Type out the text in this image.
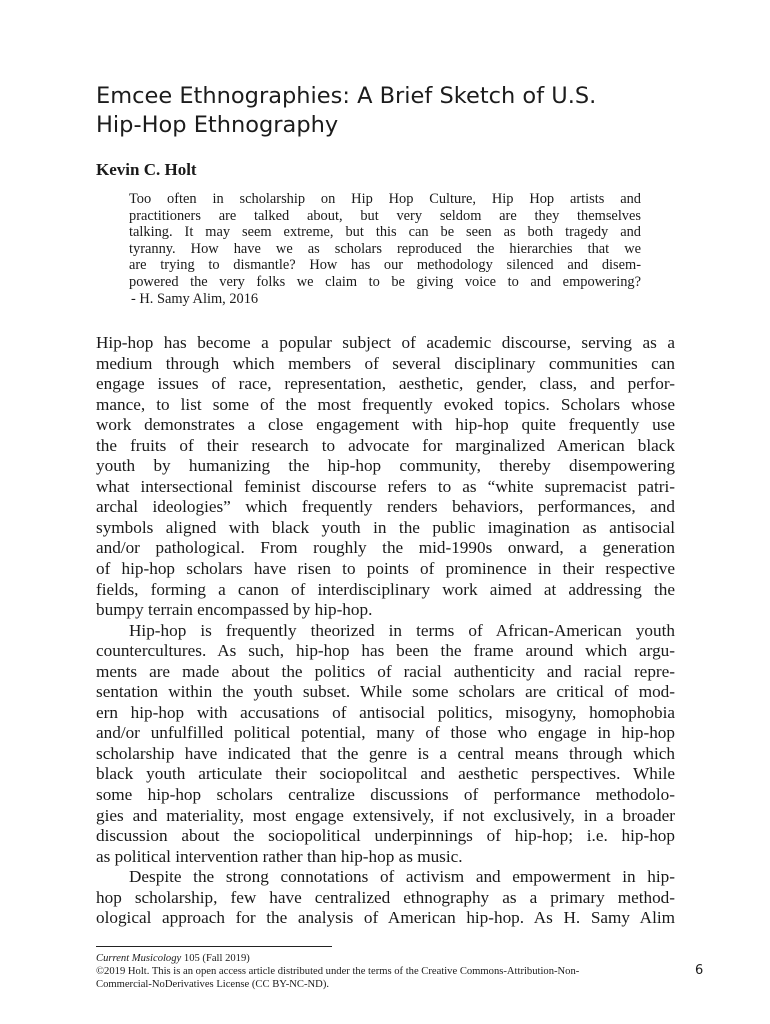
Emcee Ethnographies: A Brief Sketch of U.S.
Hip-Hop Ethnography

Kevin C. Holt

Too often in scholarship on Hip Hop Culture, Hip Hop artists and
practitioners are talked about, but very seldom are they themselves
talking. It may seem extreme, but this can be seen as both tragedy and
tyranny. How have we as scholars reproduced the hierarchies that we
are trying to dismantle? How has our methodology silenced and disem-
powered the very folks we claim to be giving voice to and empowering?
- H. Samy Alim, 2016
Hip-hop has become a popular subject of academic discourse, serving as a
medium through which members of several disciplinary communities can
engage issues of race, representation, aesthetic, gender, class, and perfor-
mance, to list some of the most frequently evoked topics. Scholars whose
work demonstrates a close engagement with hip-hop quite frequently use
the fruits of their research to advocate for marginalized American black
youth by humanizing the hip-hop community, thereby disempowering
what intersectional feminist discourse refers to as “white supremacist patri-
archal ideologies” which frequently renders behaviors, performances, and
symbols aligned with black youth in the public imagination as antisocial
and/or pathological. From roughly the mid-1990s onward, a generation
of hip-hop scholars have risen to points of prominence in their respective
fields, forming a canon of interdisciplinary work aimed at addressing the
bumpy terrain encompassed by hip-hop.
Hip-hop is frequently theorized in terms of African-American youth
countercultures. As such, hip-hop has been the frame around which argu-
ments are made about the politics of racial authenticity and racial repre-
sentation within the youth subset. While some scholars are critical of mod-
ern hip-hop with accusations of antisocial politics, misogyny, homophobia
and/or unfulfilled political potential, many of those who engage in hip-hop
scholarship have indicated that the genre is a central means through which
black youth articulate their sociopolitcal and aesthetic perspectives. While
some hip-hop scholars centralize discussions of performance methodolo-
gies and materiality, most engage extensively, if not exclusively, in a broader
discussion about the sociopolitical underpinnings of hip-hop; i.e. hip-hop
as political intervention rather than hip-hop as music.
Despite the strong connotations of activism and empowerment in hip-
hop scholarship, few have centralized ethnography as a primary method-
ological approach for the analysis of American hip-hop. As H. Samy Alim
Current Musicology 105 (Fall 2019)
©2019 Holt. This is an open access article distributed under the terms of the Creative Commons-Attribution-Non-
Commercial-NoDerivatives License (CC BY-NC-ND).
6
